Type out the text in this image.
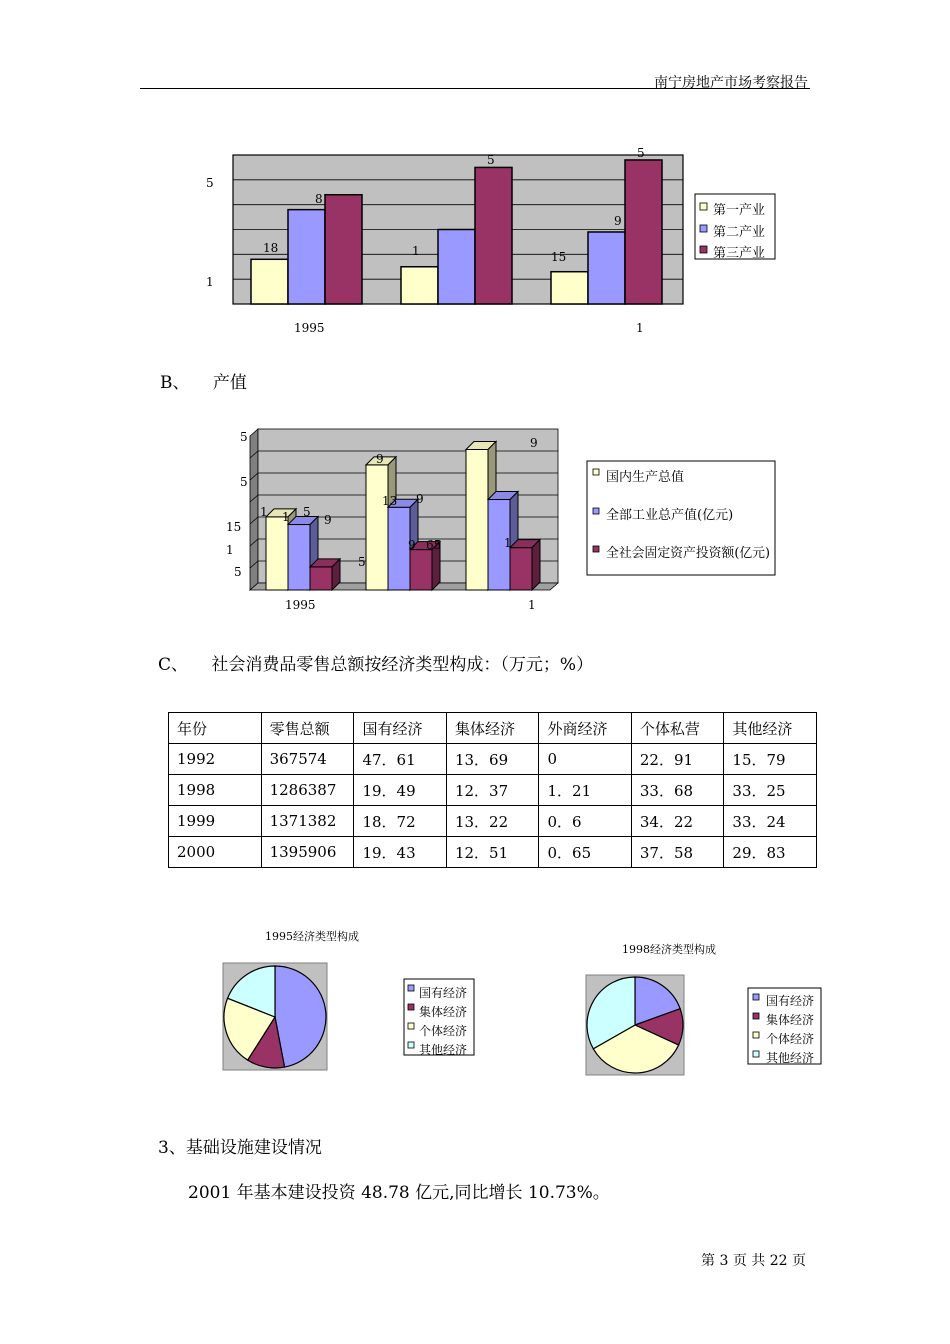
南宁房地产市场考察报告
5
1
1995	1
18
8
1
5
15
9
5
第一产业
第二产业
第三产业
B、 产值
5
5
15
1
5
1995	1
1 1 5
9
9
13 9
5
9 65
9
1
国内生产总值
全部工业总产值(亿元)
全社会固定资产投资额(亿元)
C、 社会消费品零售总额按经济类型构成：（万元；%）
年份	零售总额	国有经济	集体经济	外商经济	个体私营	其他经济
1992	367574	47．61	13．69	0	22．91	15．79
1998	1286387	19．49	12．37	1．21	33．68	33．25
1999	1371382	18．72	13．22	0．6	34．22	33．24
2000	1395906	19．43	12．51	0．65	37．58	29．83
1995经济类型构成
国有经济
集体经济
个体经济
其他经济
1998经济类型构成
国有经济
集体经济
个体经济
其他经济
3、基础设施建设情况
2001 年基本建设投资 48.78 亿元,同比增长 10.73%。
第 3 页 共 22 页
